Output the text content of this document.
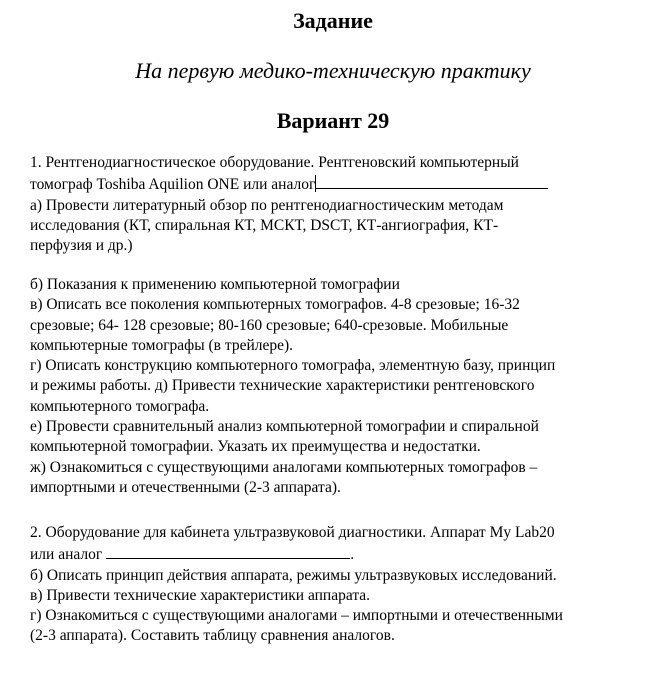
Задание
На первую медико-техническую практику
Вариант 29
1. Рентгенодиагностическое оборудование. Рентгеновский компьютерный
томограф Toshiba Aquilion ONE или аналог
а) Провести литературный обзор по рентгенодиагностическим методам
исследования (КТ, спиральная КТ, МСКТ, DSCT, КТ-ангиография, КТ-
перфузия и др.)
б) Показания к применению компьютерной томографии
в) Описать все поколения компьютерных томографов. 4-8 срезовые; 16-32
срезовые; 64- 128 срезовые; 80-160 срезовые; 640-срезовые. Мобильные
компьютерные томографы (в трейлере).
г) Описать конструкцию компьютерного томографа, элементную базу, принцип
и режимы работы. д) Привести технические характеристики рентгеновского
компьютерного томографа.
е) Провести сравнительный анализ компьютерной томографии и спиральной
компьютерной томографии. Указать их преимущества и недостатки.
ж) Ознакомиться с существующими аналогами компьютерных томографов –
импортными и отечественными (2-3 аппарата).
2. Оборудование для кабинета ультразвуковой диагностики. Аппарат My Lab20
или аналог	.
б) Описать принцип действия аппарата, режимы ультразвуковых исследований.
в) Привести технические характеристики аппарата.
г) Ознакомиться с существующими аналогами – импортными и отечественными
(2-3 аппарата). Составить таблицу сравнения аналогов.
